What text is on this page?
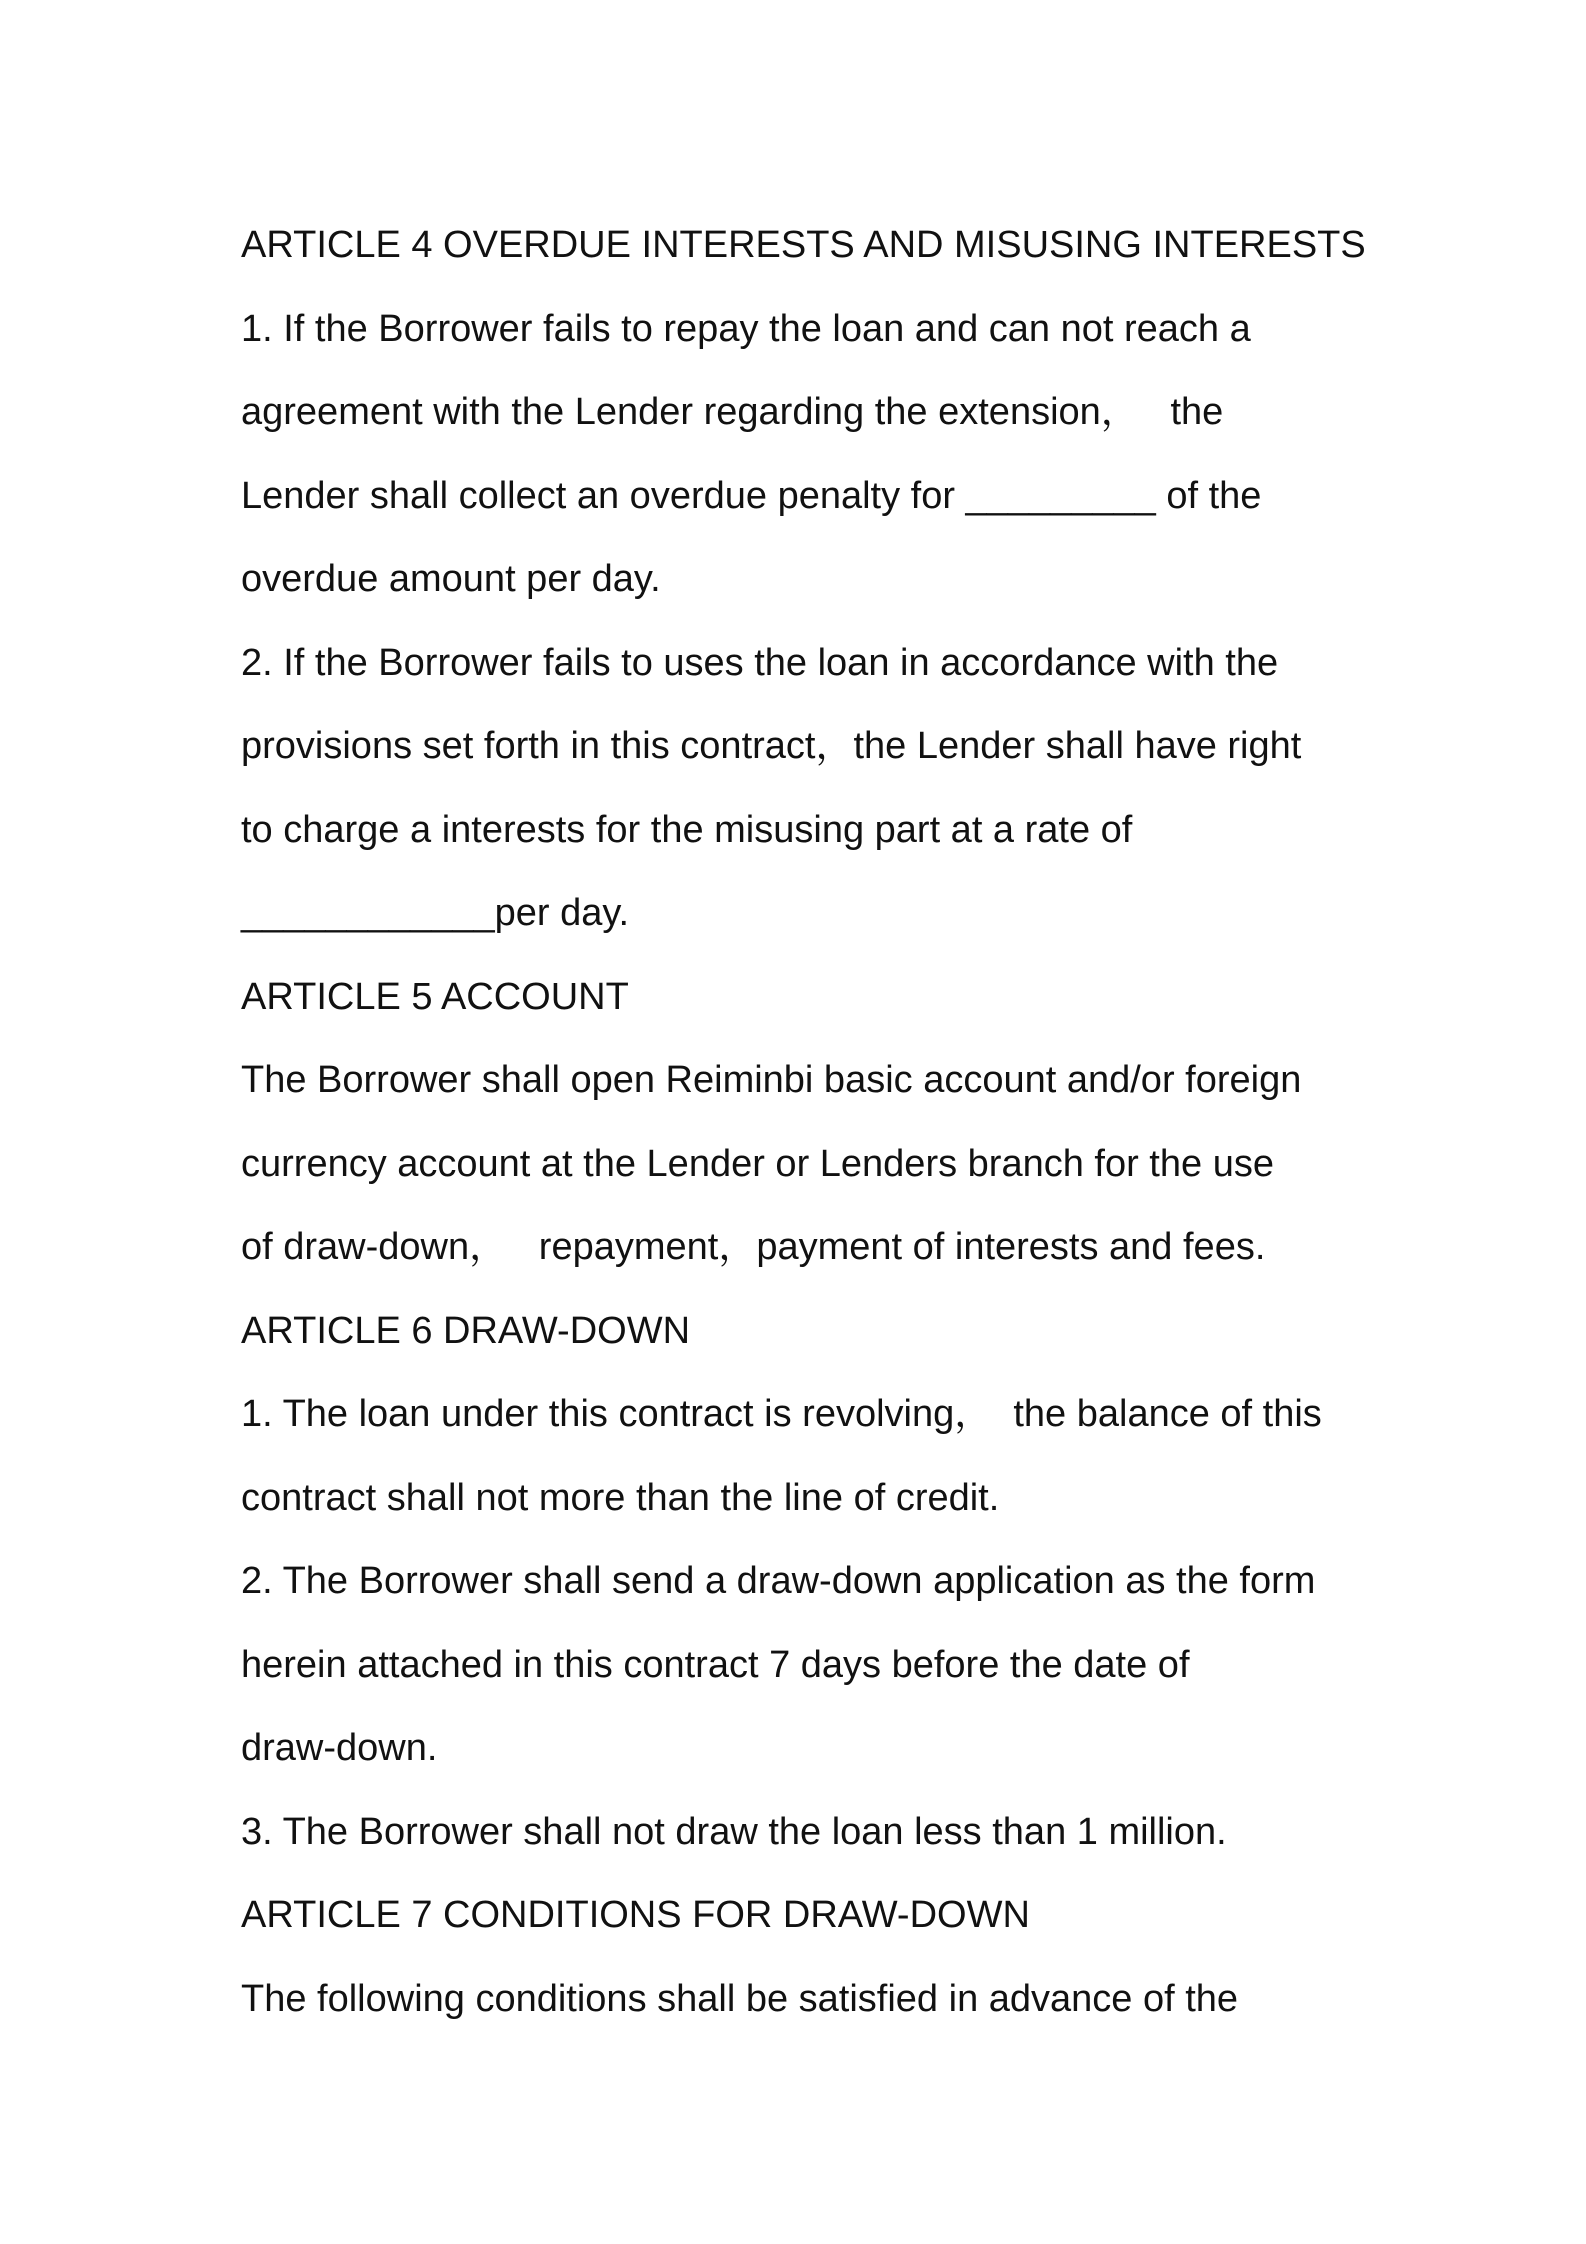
ARTICLE 4 OVERDUE INTERESTS AND MISUSING INTERESTS
1. If the Borrower fails to repay the loan and can not reach a
agreement with the Lender regarding the extension，   the
Lender shall collect an overdue penalty for _________ of the
overdue amount per day.
2. If the Borrower fails to uses the loan in accordance with the
provisions set forth in this contract，the Lender shall have right
to charge a interests for the misusing part at a rate of
____________per day.
ARTICLE 5 ACCOUNT
The Borrower shall open Reiminbi basic account and/or foreign
currency account at the Lender or Lenders branch for the use
of draw-down，   repayment，payment of interests and fees.
ARTICLE 6 DRAW-DOWN
1. The loan under this contract is revolving，  the balance of this
contract shall not more than the line of credit.
2. The Borrower shall send a draw-down application as the form
herein attached in this contract 7 days before the date of
draw-down.
3. The Borrower shall not draw the loan less than 1 million.
ARTICLE 7 CONDITIONS FOR DRAW-DOWN
The following conditions shall be satisfied in advance of the
